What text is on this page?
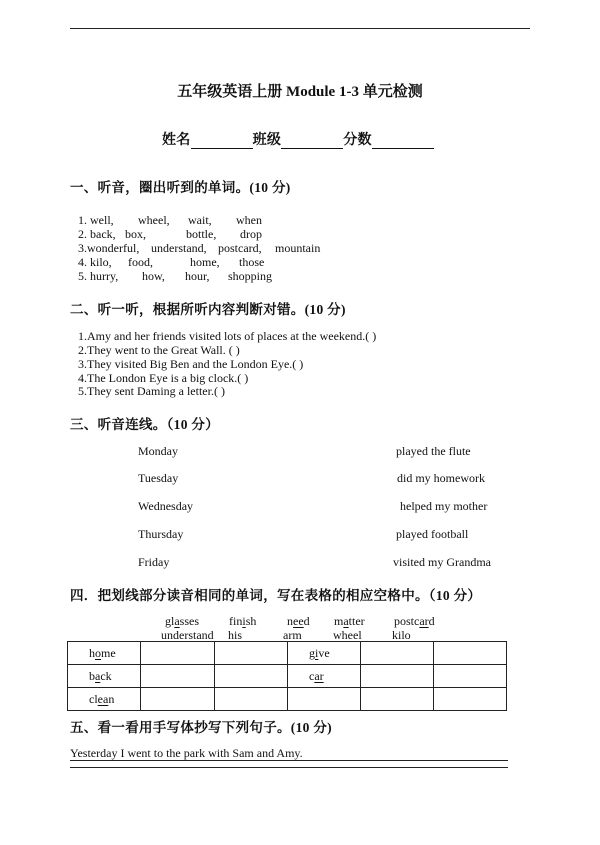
五年级英语上册 Module 1-3 单元检测
姓名	班级	分数
一、听音，圈出听到的单词。(10 分)
1. well, wheel, wait, when
2. back, box,	bottle, drop
3.wonderful, understand, postcard, mountain
4. kilo, food,	home, those
5. hurry, how, hour, shopping
二、听一听，根据所听内容判断对错。(10 分)
1.Amy and her friends visited lots of places at the weekend.( )
2.They went to the Great Wall. ( )
3.They visited Big Ben and the London Eye.( )
4.The London Eye is a big clock.( )
5.They sent Daming a letter.( )
三、听音连线。（10 分）
Monday
Tuesday
Wednesday
Thursday
Friday
played the flute
did my homework
helped my mother
played football
visited my Grandma
四．把划线部分读音相同的单词，写在表格的相应空格中。（10 分）
glasses finish	need matter postcard
understand his	arm	wheel	kilo
home			give		
back			car		
clean					
五、看一看用手写体抄写下列句子。(10 分)
Yesterday I went to the park with Sam and Amy.
